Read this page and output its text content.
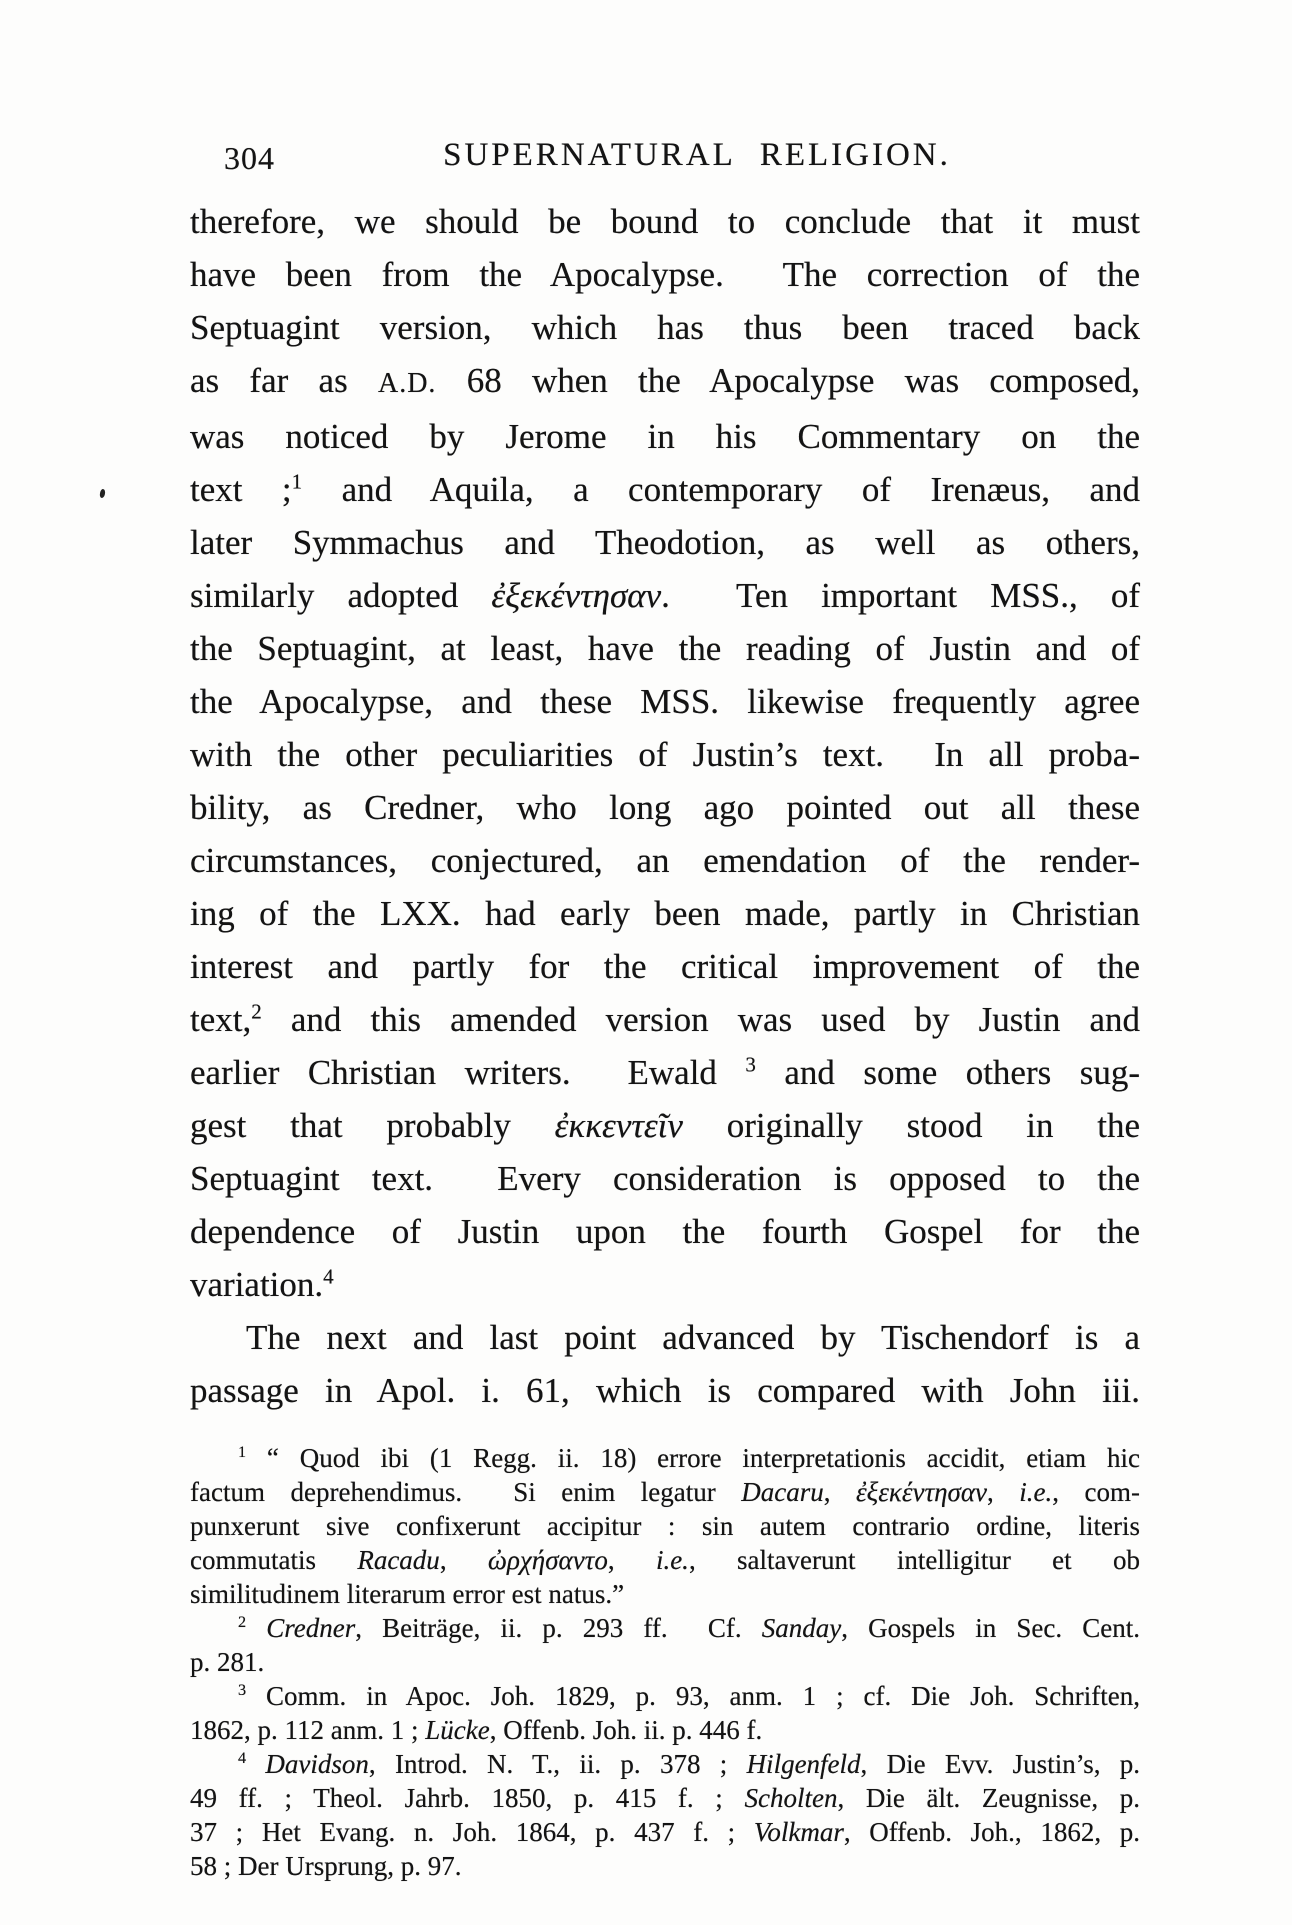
304	SUPERNATURAL RELIGION.
therefore, we should be bound to conclude that it must
have been from the Apocalypse.  The correction of the
Septuagint version, which has thus been traced back
as far as A.D. 68 when the Apocalypse was composed,
was noticed by Jerome in his Commentary on the
text ;$^1$ and Aquila, a contemporary of Irenæus, and
later Symmachus and Theodotion, as well as others,
similarly adopted ἐξεκέντησαν.  Ten important MSS., of
the Septuagint, at least, have the reading of Justin and of
the Apocalypse, and these MSS. likewise frequently agree
with the other peculiarities of Justin’s text.  In all proba-
bility, as Credner, who long ago pointed out all these
circumstances, conjectured, an emendation of the render-
ing of the LXX. had early been made, partly in Christian
interest and partly for the critical improvement of the
text,$^2$ and this amended version was used by Justin and
earlier Christian writers.  Ewald $^3$ and some others sug-
gest that probably ἐκκεντεῖν originally stood in the
Septuagint text.  Every consideration is opposed to the
dependence of Justin upon the fourth Gospel for the
variation.$^4$
The next and last point advanced by Tischendorf is a
passage in Apol. i. 61, which is compared with John iii.
$^1$ “ Quod ibi (1 Regg. ii. 18) errore interpretationis accidit, etiam hic
factum deprehendimus.  Si enim legatur Dacaru, ἐξεκέντησαν, i.e., com-
punxerunt sive confixerunt accipitur : sin autem contrario ordine, literis
commutatis Racadu, ὠρχήσαντο, i.e., saltaverunt intelligitur et ob
similitudinem literarum error est natus.”
$^2$ Credner, Beiträge, ii. p. 293 ff.  Cf. Sanday, Gospels in Sec. Cent.
p. 281.
$^3$ Comm. in Apoc. Joh. 1829, p. 93, anm. 1 ; cf. Die Joh. Schriften,
1862, p. 112 anm. 1 ; Lücke, Offenb. Joh. ii. p. 446 f.
$^4$ Davidson, Introd. N. T., ii. p. 378 ; Hilgenfeld, Die Evv. Justin’s, p.
49 ff. ; Theol. Jahrb. 1850, p. 415 f. ; Scholten, Die ält. Zeugnisse, p.
37 ; Het Evang. n. Joh. 1864, p. 437 f. ; Volkmar, Offenb. Joh., 1862, p.
58 ; Der Ursprung, p. 97.
